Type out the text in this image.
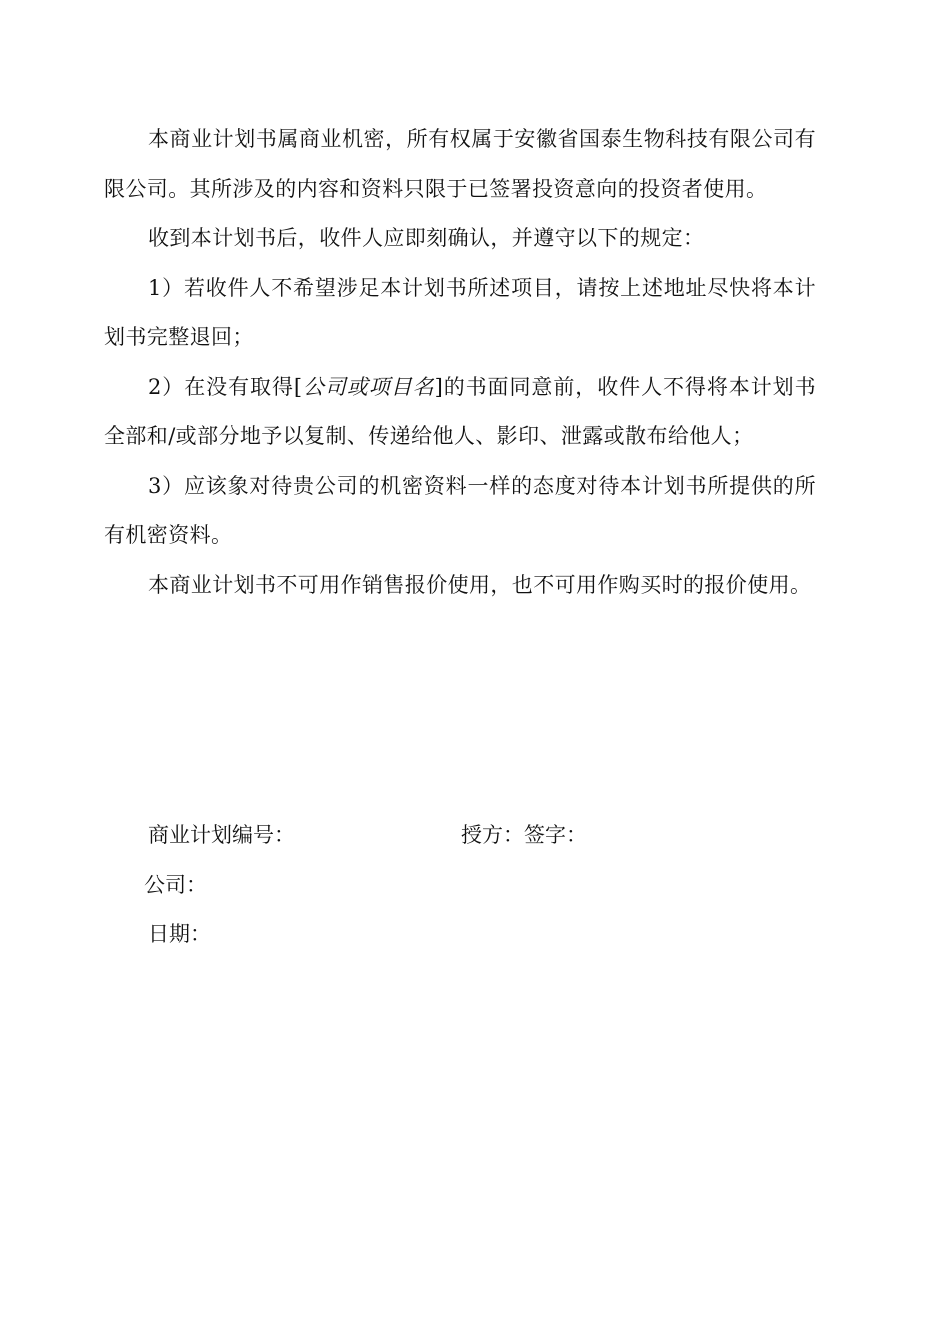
本商业计划书属商业机密，所有权属于安徽省国泰生物科技有限公司有限公司。其所涉及的内容和资料只限于已签署投资意向的投资者使用。

收到本计划书后，收件人应即刻确认，并遵守以下的规定：

1）若收件人不希望涉足本计划书所述项目，请按上述地址尽快将本计划书完整退回；

2）在没有取得[公司或项目名]的书面同意前，收件人不得将本计划书全部和/或部分地予以复制、传递给他人、影印、泄露或散布给他人；

3）应该象对待贵公司的机密资料一样的态度对待本计划书所提供的所有机密资料。

本商业计划书不可用作销售报价使用，也不可用作购买时的报价使用。

商业计划编号：	授方：签字：
公司：
日期：
